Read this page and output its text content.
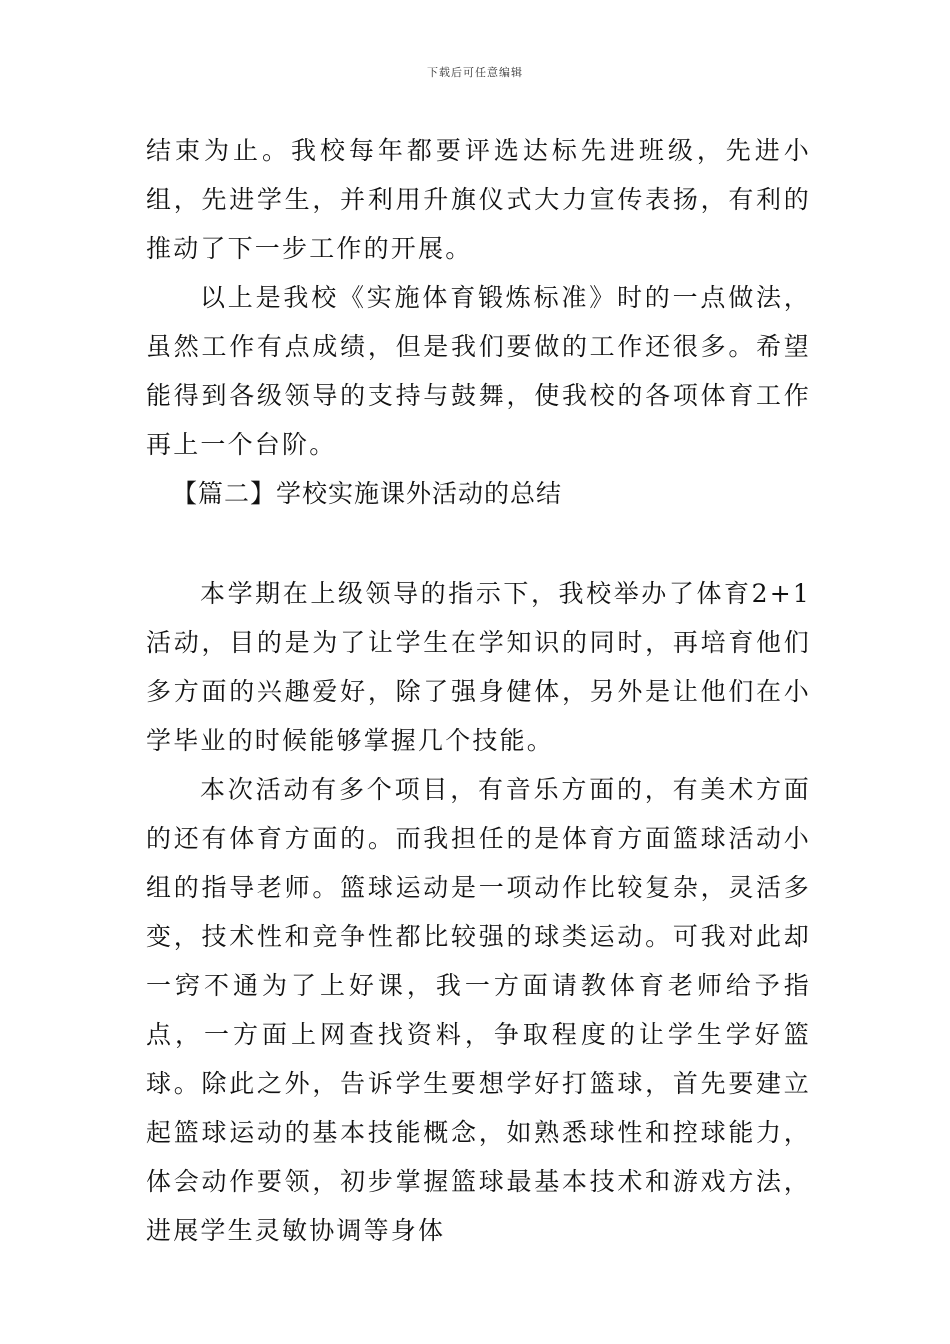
下载后可任意编辑

结束为止。我校每年都要评选达标先进班级，先进小组，先进学生，并利用升旗仪式大力宣传表扬，有利的推动了下一步工作的开展。

以上是我校《实施体育锻炼标准》时的一点做法，虽然工作有点成绩，但是我们要做的工作还很多。希望能得到各级领导的支持与鼓舞，使我校的各项体育工作再上一个台阶。

【篇二】学校实施课外活动的总结

本学期在上级领导的指示下，我校举办了体育2+1活动，目的是为了让学生在学知识的同时，再培育他们多方面的兴趣爱好，除了强身健体，另外是让他们在小学毕业的时候能够掌握几个技能。

本次活动有多个项目，有音乐方面的，有美术方面的还有体育方面的。而我担任的是体育方面篮球活动小组的指导老师。篮球运动是一项动作比较复杂，灵活多变，技术性和竞争性都比较强的球类运动。可我对此却一窍不通为了上好课，我一方面请教体育老师给予指点，一方面上网查找资料，争取程度的让学生学好篮球。除此之外，告诉学生要想学好打篮球，首先要建立起篮球运动的基本技能概念，如熟悉球性和控球能力，体会动作要领，初步掌握篮球最基本技术和游戏方法，进展学生灵敏协调等身体
